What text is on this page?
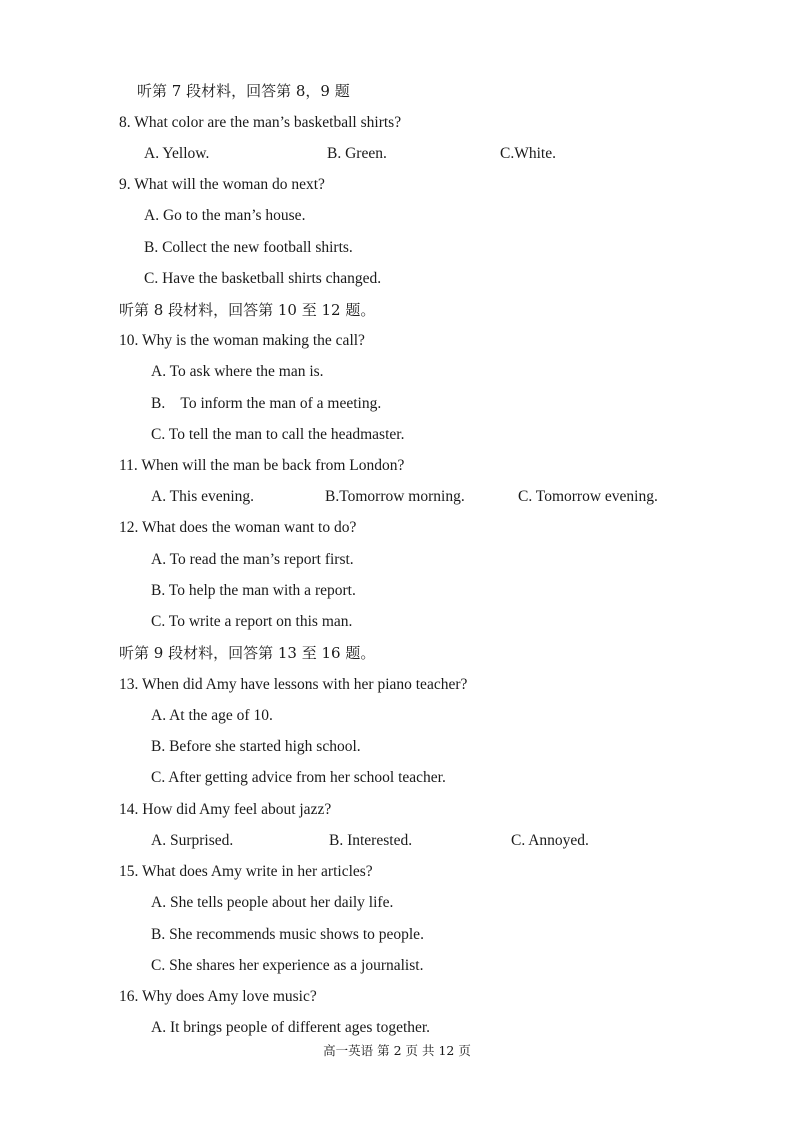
听第 7 段材料，回答第 8，9 题
8. What color are the man’s basketball shirts?
A. Yellow.	B. Green.	C.White.
9. What will the woman do next?
A. Go to the man’s house.
B. Collect the new football shirts.
C. Have the basketball shirts changed.
听第 8 段材料，回答第 10 至 12 题。
10. Why is the woman making the call?
A. To ask where the man is.
B.    To inform the man of a meeting.
C. To tell the man to call the headmaster.
11. When will the man be back from London?
A. This evening.	B.Tomorrow morning.	C. Tomorrow evening.
12. What does the woman want to do?
A. To read the man’s report first.
B. To help the man with a report.
C. To write a report on this man.
听第 9 段材料，回答第 13 至 16 题。
13. When did Amy have lessons with her piano teacher?
A. At the age of 10.
B. Before she started high school.
C. After getting advice from her school teacher.
14. How did Amy feel about jazz?
A. Surprised.	B. Interested.	C. Annoyed.
15. What does Amy write in her articles?
A. She tells people about her daily life.
B. She recommends music shows to people.
C. She shares her experience as a journalist.
16. Why does Amy love music?
A. It brings people of different ages together.
高一英语 第 2 页 共 12 页
